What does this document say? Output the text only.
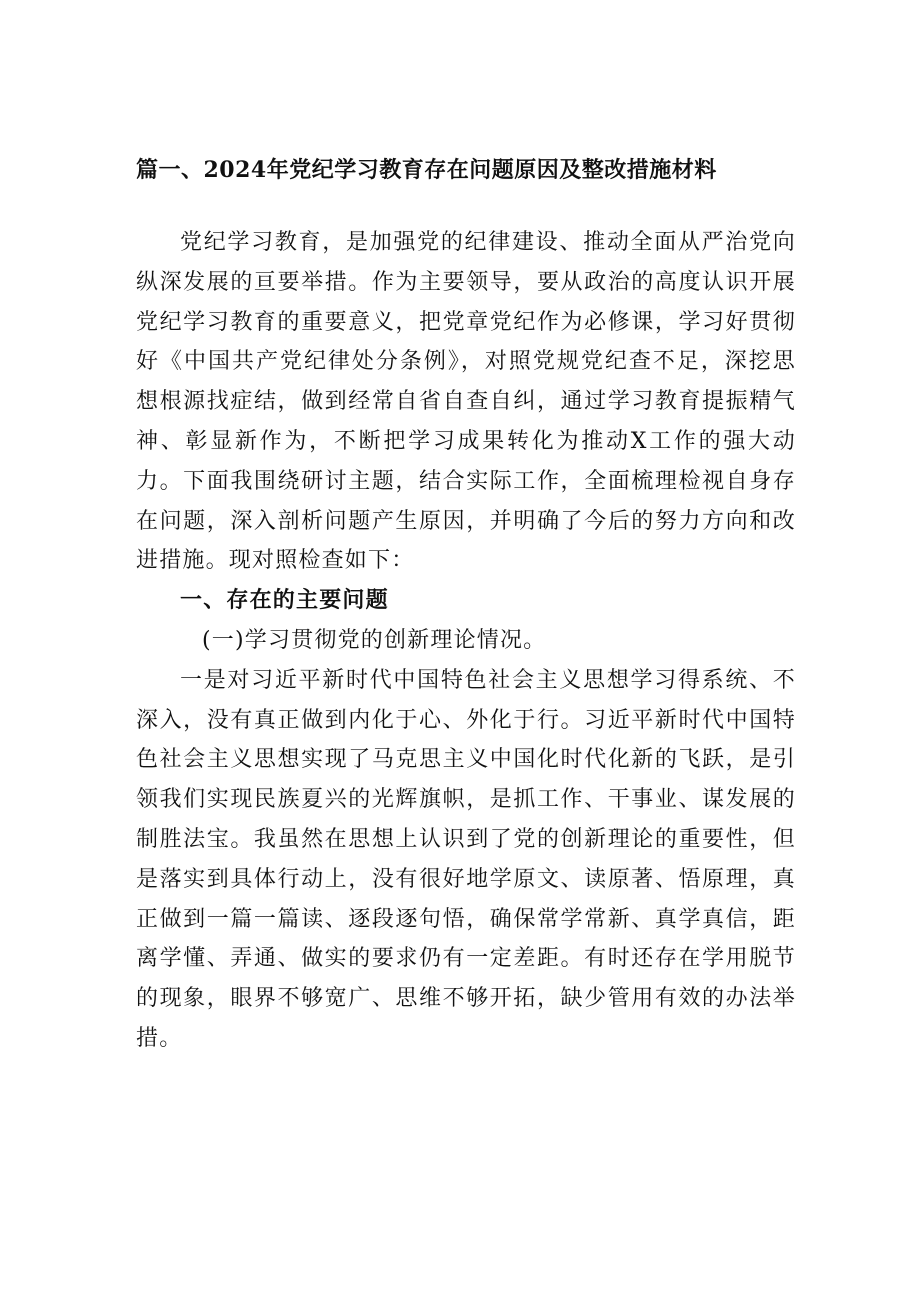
篇一、2024年党纪学习教育存在问题原因及整改措施材料

党纪学习教育，是加强党的纪律建设、推动全面从严治党向纵深发展的亘要举措。作为主要领导，要从政治的高度认识开展党纪学习教育的重要意义，把党章党纪作为必修课，学习好贯彻好《中国共产党纪律处分条例》，对照党规党纪查不足，深挖思想根源找症结，做到经常自省自查自纠，通过学习教育提振精气神、彰显新作为，不断把学习成果转化为推动X工作的强大动力。下面我围绕研讨主题，结合实际工作，全面梳理检视自身存在问题，深入剖析问题产生原因，并明确了今后的努力方向和改进措施。现对照检查如下：

一、存在的主要问题

(一)学习贯彻党的创新理论情况。

一是对习近平新时代中国特色社会主义思想学习得系统、不深入，没有真正做到内化于心、外化于行。习近平新时代中国特色社会主义思想实现了马克思主义中国化时代化新的飞跃，是引领我们实现民族夏兴的光辉旗帜，是抓工作、干事业、谋发展的制胜法宝。我虽然在思想上认识到了党的创新理论的重要性，但是落实到具体行动上，没有很好地学原文、读原著、悟原理，真正做到一篇一篇读、逐段逐句悟，确保常学常新、真学真信，距离学懂、弄通、做实的要求仍有一定差距。有时还存在学用脱节的现象，眼界不够宽广、思维不够开拓，缺少管用有效的办法举措。
